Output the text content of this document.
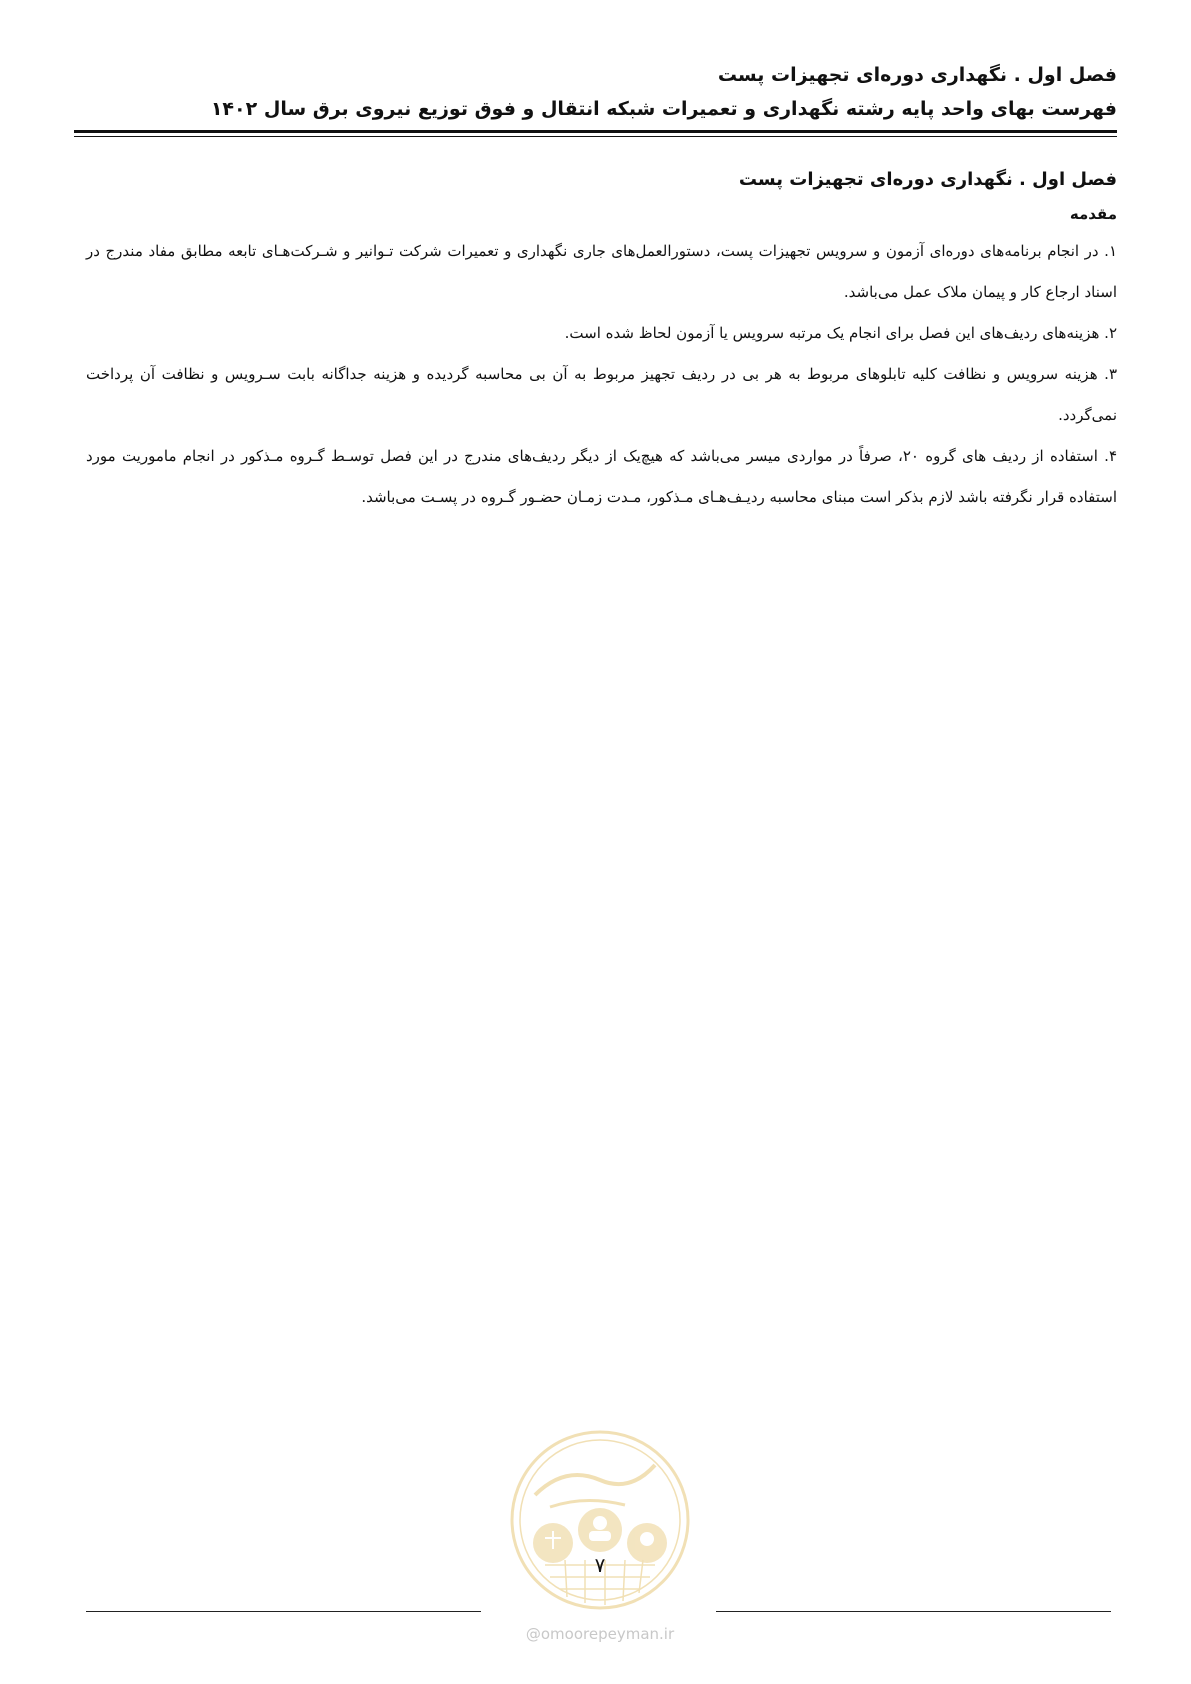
فصل اول . نگهداری دوره‌ای تجهیزات پست
فهرست بهای واحد پایه رشته نگهداری و تعمیرات شبکه انتقال و فوق توزیع نیروی برق سال ۱۴۰۲
فصل اول . نگهداری دوره‌ای تجهیزات پست
مقدمه

۱. در انجام برنامه‌های دوره‌ای آزمون و سرویس تجهیزات پست، دستورالعمل‌های جاری نگهداری و تعمیرات شرکت تـوانیر و شـرکت‌هـای تابعه مطابق مفاد مندرج در اسناد ارجاع کار و پیمان ملاک عمل می‌باشد.

۲. هزینه‌های ردیف‌های این فصل برای انجام یک مرتبه سرویس یا آزمون لحاظ شده است.

۳. هزینه سرویس و نظافت کلیه تابلوهای مربوط به هر بی در ردیف تجهیز مربوط به آن بی محاسبه گردیده و هزینه جداگانه بابت سـرویس و نظافت آن پرداخت نمی‌گردد.

۴. استفاده از ردیف های گروه ۲۰، صرفاً در مواردی میسر می‌باشد که هیچ‌یک از دیگر ردیف‌های مندرج در این فصل توسـط گـروه مـذکور در انجام ماموریت مورد استفاده قرار نگرفته باشد لازم بذکر است مبنای محاسبه ردیـف‌هـای مـذکور، مـدت زمـان حضـور گـروه در پسـت می‌باشد.

۷
@omoorepeyman.ir
